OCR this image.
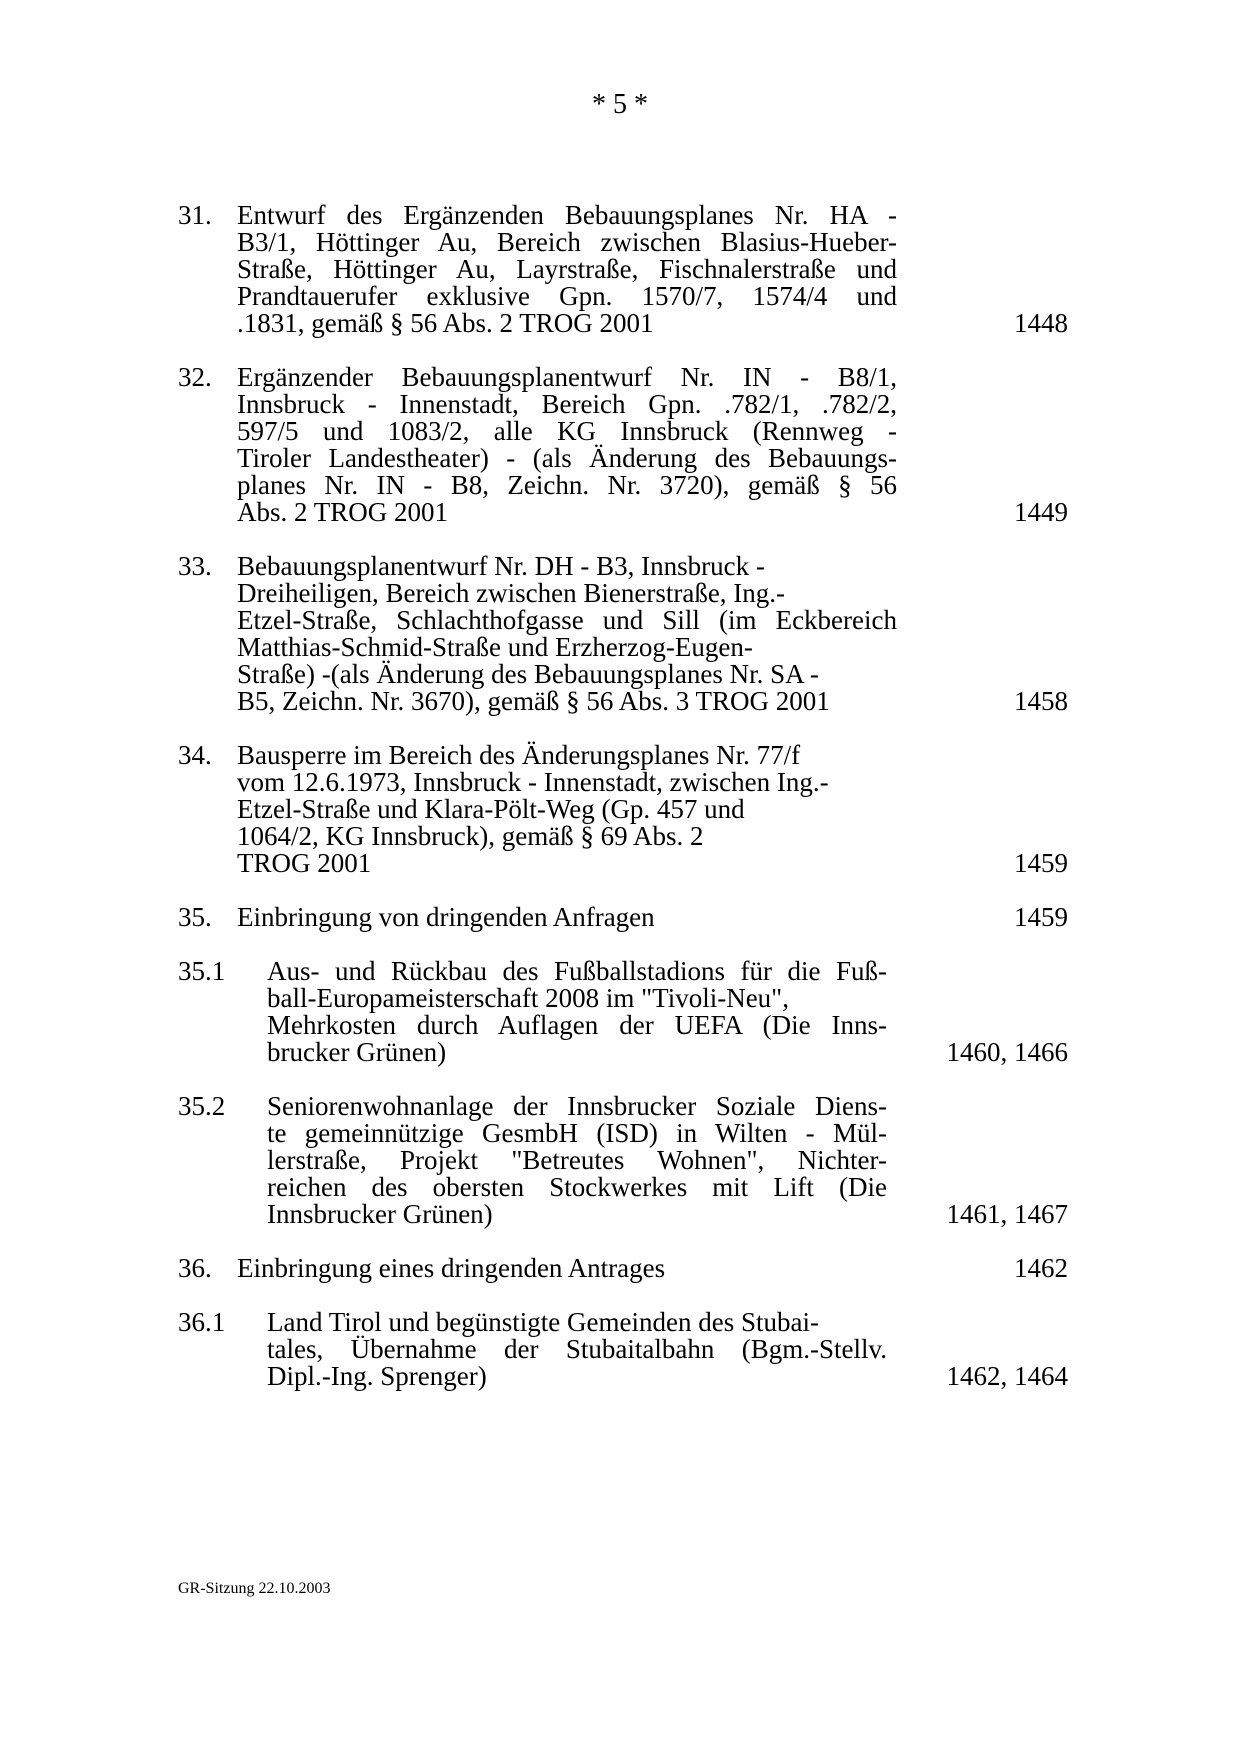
* 5 *
31. Entwurf des Ergänzenden Bebauungsplanes Nr. HA -
B3/1, Höttinger Au, Bereich zwischen Blasius-Hueber-
Straße, Höttinger Au, Layrstraße, Fischnalerstraße und
Prandtauerufer exklusive Gpn. 1570/7, 1574/4 und
.1831, gemäß § 56 Abs. 2 TROG 2001	1448
32. Ergänzender Bebauungsplanentwurf Nr. IN - B8/1,
Innsbruck - Innenstadt, Bereich Gpn. .782/1, .782/2,
597/5 und 1083/2, alle KG Innsbruck (Rennweg -
Tiroler Landestheater) - (als Änderung des Bebauungs-
planes Nr. IN - B8, Zeichn. Nr. 3720), gemäß § 56
Abs. 2 TROG 2001	1449
33. Bebauungsplanentwurf Nr. DH - B3, Innsbruck -
Dreiheiligen, Bereich zwischen Bienerstraße, Ing.-
Etzel-Straße, Schlachthofgasse und Sill (im Eckbereich
Matthias-Schmid-Straße und Erzherzog-Eugen-
Straße) -(als Änderung des Bebauungsplanes Nr. SA -
B5, Zeichn. Nr. 3670), gemäß § 56 Abs. 3 TROG 2001	1458
34. Bausperre im Bereich des Änderungsplanes Nr. 77/f
vom 12.6.1973, Innsbruck - Innenstadt, zwischen Ing.-
Etzel-Straße und Klara-Pölt-Weg (Gp. 457 und
1064/2, KG Innsbruck), gemäß § 69 Abs. 2
TROG 2001	1459
35. Einbringung von dringenden Anfragen	1459
35.1 Aus- und Rückbau des Fußballstadions für die Fuß-
ball-Europameisterschaft 2008 im "Tivoli-Neu",
Mehrkosten durch Auflagen der UEFA (Die Inns-
brucker Grünen)	1460, 1466
35.2 Seniorenwohnanlage der Innsbrucker Soziale Diens-
te gemeinnützige GesmbH (ISD) in Wilten - Mül-
lerstraße, Projekt "Betreutes Wohnen", Nichter-
reichen des obersten Stockwerkes mit Lift (Die
Innsbrucker Grünen)	1461, 1467
36. Einbringung eines dringenden Antrages	1462
36.1 Land Tirol und begünstigte Gemeinden des Stubai-
tales, Übernahme der Stubaitalbahn (Bgm.-Stellv.
Dipl.-Ing. Sprenger)	1462, 1464
GR-Sitzung 22.10.2003
